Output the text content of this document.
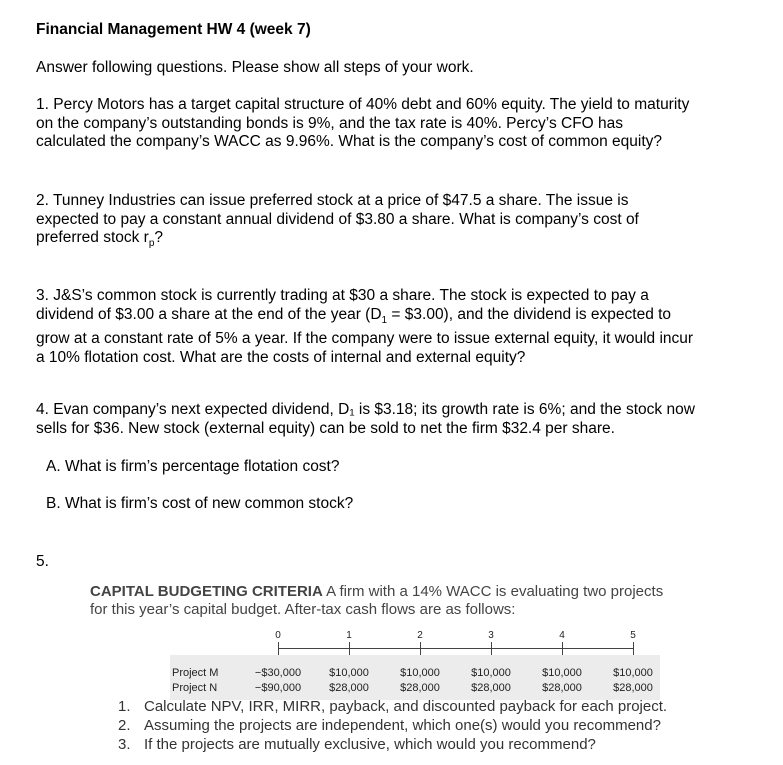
Financial Management HW 4 (week 7)
Answer following questions. Please show all steps of your work.
1. Percy Motors has a target capital structure of 40% debt and 60% equity. The yield to maturity
on the company’s outstanding bonds is 9%, and the tax rate is 40%. Percy’s CFO has
calculated the company’s WACC as 9.96%. What is the company’s cost of common equity?
2. Tunney Industries can issue preferred stock at a price of $47.5 a share. The issue is
expected to pay a constant annual dividend of $3.80 a share. What is company’s cost of
preferred stock $r_p$?
3. J&S’s common stock is currently trading at $30 a share. The stock is expected to pay a
dividend of $3.00 a share at the end of the year ($D_1$ = $3.00), and the dividend is expected to
grow at a constant rate of 5% a year. If the company were to issue external equity, it would incur
a 10% flotation cost. What are the costs of internal and external equity?
4. Evan company’s next expected dividend, D₁ is $3.18; its growth rate is 6%; and the stock now
sells for $36. New stock (external equity) can be sold to net the firm $32.4 per share.
A. What is firm’s percentage flotation cost?
B. What is firm’s cost of new common stock?
5.
CAPITAL BUDGETING CRITERIA A firm with a 14% WACC is evaluating two projects
for this year’s capital budget. After-tax cash flows are as follows:
0	1	2	3	4	5
Project M	−$30,000	$10,000	$10,000	$10,000	$10,000	$10,000
Project N	−$90,000	$28,000	$28,000	$28,000	$28,000	$28,000
1. Calculate NPV, IRR, MIRR, payback, and discounted payback for each project.
2. Assuming the projects are independent, which one(s) would you recommend?
3. If the projects are mutually exclusive, which would you recommend?
